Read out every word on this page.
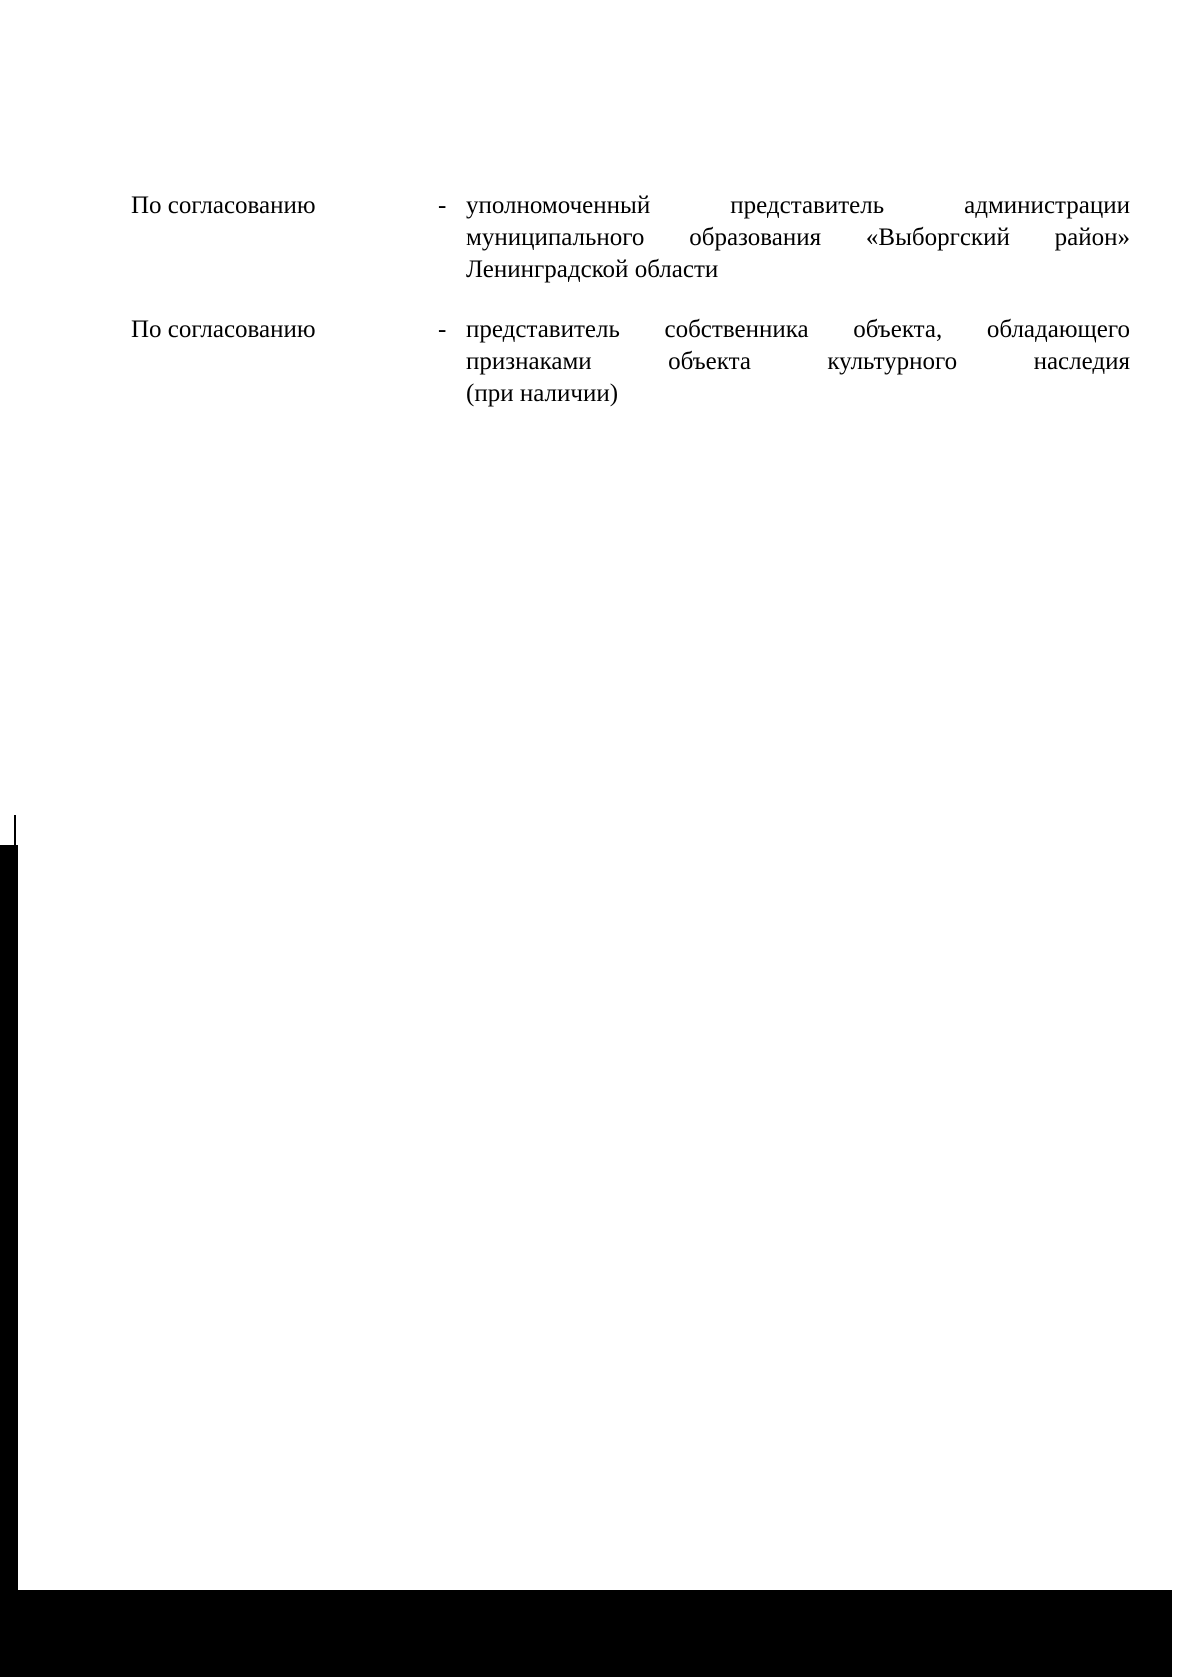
По согласованию	- уполномоченный представитель администрации
муниципального образования «Выборгский район»
Ленинградской области
По согласованию	- представитель собственника объекта, обладающего
признаками объекта культурного наследия
(при наличии)
